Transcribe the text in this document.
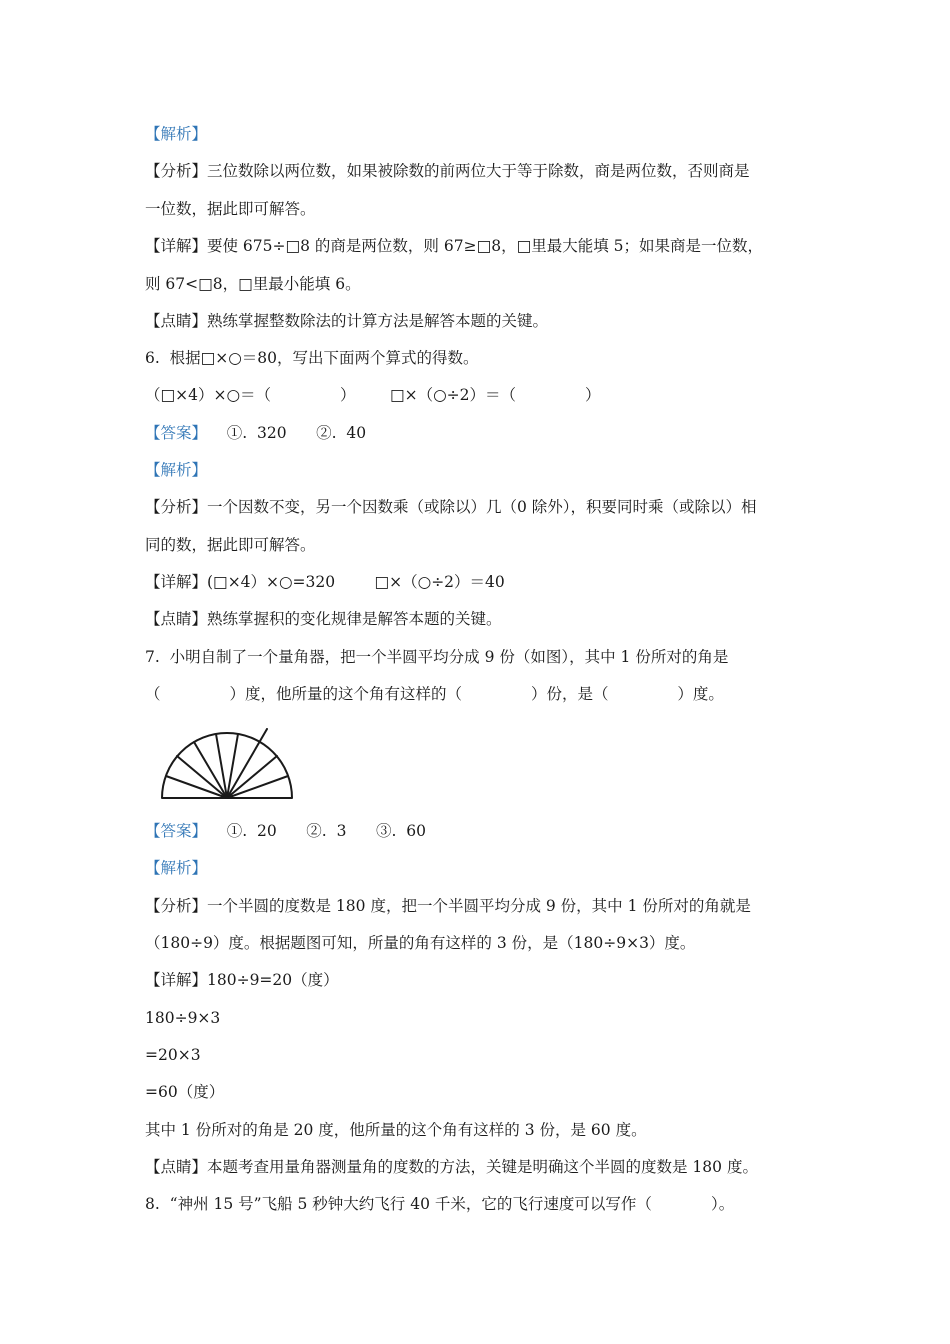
【解析】
【分析】三位数除以两位数，如果被除数的前两位大于等于除数，商是两位数，否则商是
一位数，据此即可解答。
【详解】要使 675÷□8 的商是两位数，则 67≥□8，□里最大能填 5；如果商是一位数，
则 67<□8，□里最小能填 6。
【点睛】熟练掌握整数除法的计算方法是解答本题的关键。
6.  根据□×○＝80，写出下面两个算式的得数。
（□×4）×○＝（              ）       □×（○÷2）＝（              ）
【答案】    ①.  320      ②.  40
【解析】
【分析】一个因数不变，另一个因数乘（或除以）几（0 除外），积要同时乘（或除以）相
同的数，据此即可解答。
【详解】(□×4）×○=320        □×（○÷2）＝40
【点睛】熟练掌握积的变化规律是解答本题的关键。
7.  小明自制了一个量角器，把一个半圆平均分成 9 份（如图），其中 1 份所对的角是
（              ）度，他所量的这个角有这样的（              ）份，是（              ）度。
【答案】    ①.  20      ②.  3      ③.  60
【解析】
【分析】一个半圆的度数是 180 度，把一个半圆平均分成 9 份，其中 1 份所对的角就是
（180÷9）度。根据题图可知，所量的角有这样的 3 份，是（180÷9×3）度。
【详解】180÷9=20（度）
180÷9×3
=20×3
=60（度）
其中 1 份所对的角是 20 度，他所量的这个角有这样的 3 份，是 60 度。
【点睛】本题考查用量角器测量角的度数的方法，关键是明确这个半圆的度数是 180 度。
8.  “神州 15 号”飞船 5 秒钟大约飞行 40 千米，它的飞行速度可以写作（            ）。
